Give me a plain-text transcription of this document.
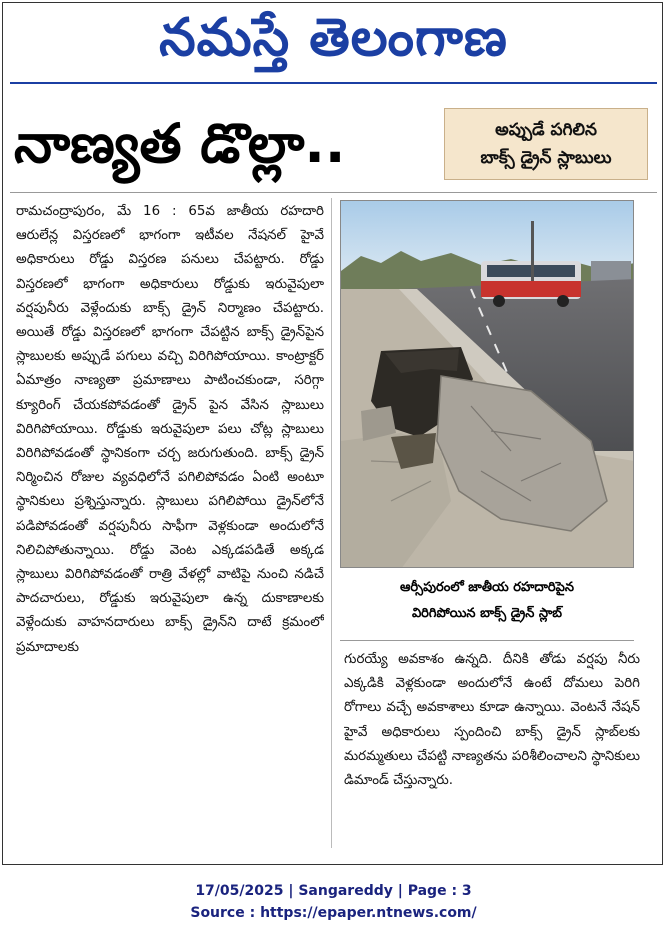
నమస్తే తెలంగాణ
నాణ్యత డొల్లా..	అప్పుడే పగిలిన
బాక్స్ డ్రైన్ స్లాబులు

రామచంద్రాపురం, మే 16 : 65వ జాతీయ రహదారి ఆరులేన్ల విస్తరణలో భాగంగా ఇటీవల నేషనల్ హైవే అధికారులు రోడ్డు విస్తరణ పనులు చేపట్టారు. రోడ్డు విస్తరణలో భాగంగా అధికారులు రోడ్డుకు ఇరువైపులా వర్షపునీరు వెళ్లేందుకు బాక్స్ డ్రైన్ నిర్మాణం చేపట్టారు. అయితే రోడ్డు విస్తరణలో భాగంగా చేపట్టిన బాక్స్ డ్రైన్‌పైన స్లాబులకు అప్పుడే పగులు వచ్చి విరిగిపోయాయి. కాంట్రాక్టర్ ఏమాత్రం నాణ్యతా ప్రమాణాలు పాటించకుండా, సరిగ్గా క్యూరింగ్ చేయకపోవడంతో డ్రైన్ పైన వేసిన స్లాబులు విరిగిపోయాయి. రోడ్డుకు ఇరువైపులా పలు చోట్ల స్లాబులు విరిగిపోవడంతో స్థానికంగా చర్చ జరుగుతుంది. బాక్స్ డ్రైన్ నిర్మించిన రోజుల వ్యవధిలోనే పగిలిపోవడం ఏంటి అంటూ స్థానికులు ప్రశ్నిస్తున్నారు. స్లాబులు పగిలిపోయి డ్రైన్‌లోనే పడిపోవడంతో వర్షపునీరు సాఫీగా వెళ్లకుండా అందులోనే నిలిచిపోతున్నాయి. రోడ్డు వెంట ఎక్కడపడితే అక్కడ స్లాబులు విరిగిపోవడంతో రాత్రి వేళల్లో వాటిపై నుంచి నడిచే పాదచారులు, రోడ్డుకు ఇరువైపులా ఉన్న దుకాణాలకు వెళ్లేందుకు వాహనదారులు బాక్స్ డ్రైన్‌ని దాటే క్రమంలో ప్రమాదాలకు

ఆర్సీపురంలో జాతీయ రహదారిపైన
విరిగిపోయిన బాక్స్ డ్రైన్ స్లాబ్

గురయ్యే అవకాశం ఉన్నది. దీనికి తోడు వర్షపు నీరు ఎక్కడికి వెళ్లకుండా అందులోనే ఉంటే దోమలు పెరిగి రోగాలు వచ్చే అవకాశాలు కూడా ఉన్నాయి. వెంటనే నేషన్ హైవే అధికారులు స్పందించి బాక్స్ డ్రైన్ స్లాబ్‌లకు మరమ్మతులు చేపట్టి నాణ్యతను పరిశీలించాలని స్థానికులు డిమాండ్ చేస్తున్నారు.

17/05/2025 | Sangareddy | Page : 3
Source : https://epaper.ntnews.com/
